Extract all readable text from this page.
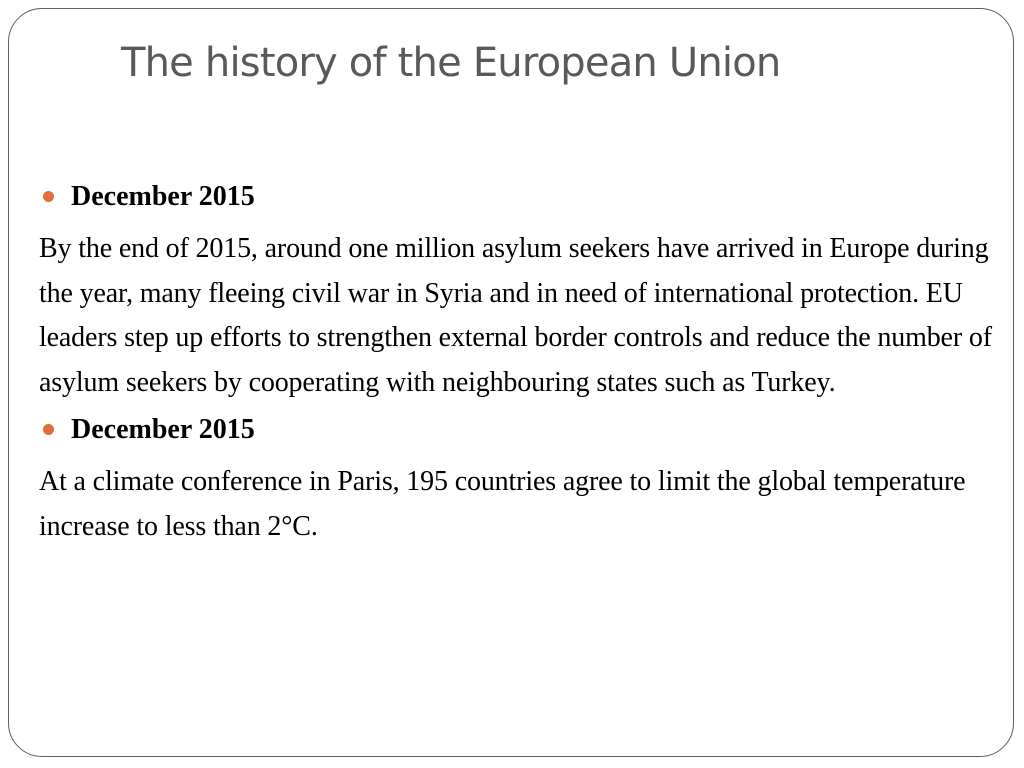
The history of the European Union
December 2015

By the end of 2015, around one million asylum seekers have arrived in Europe during the year, many fleeing civil war in Syria and in need of international protection. EU leaders step up efforts to strengthen external border controls and reduce the number of asylum seekers by cooperating with neighbouring states such as Turkey.

December 2015

At a climate conference in Paris, 195 countries agree to limit the global temperature increase to less than 2°C.
